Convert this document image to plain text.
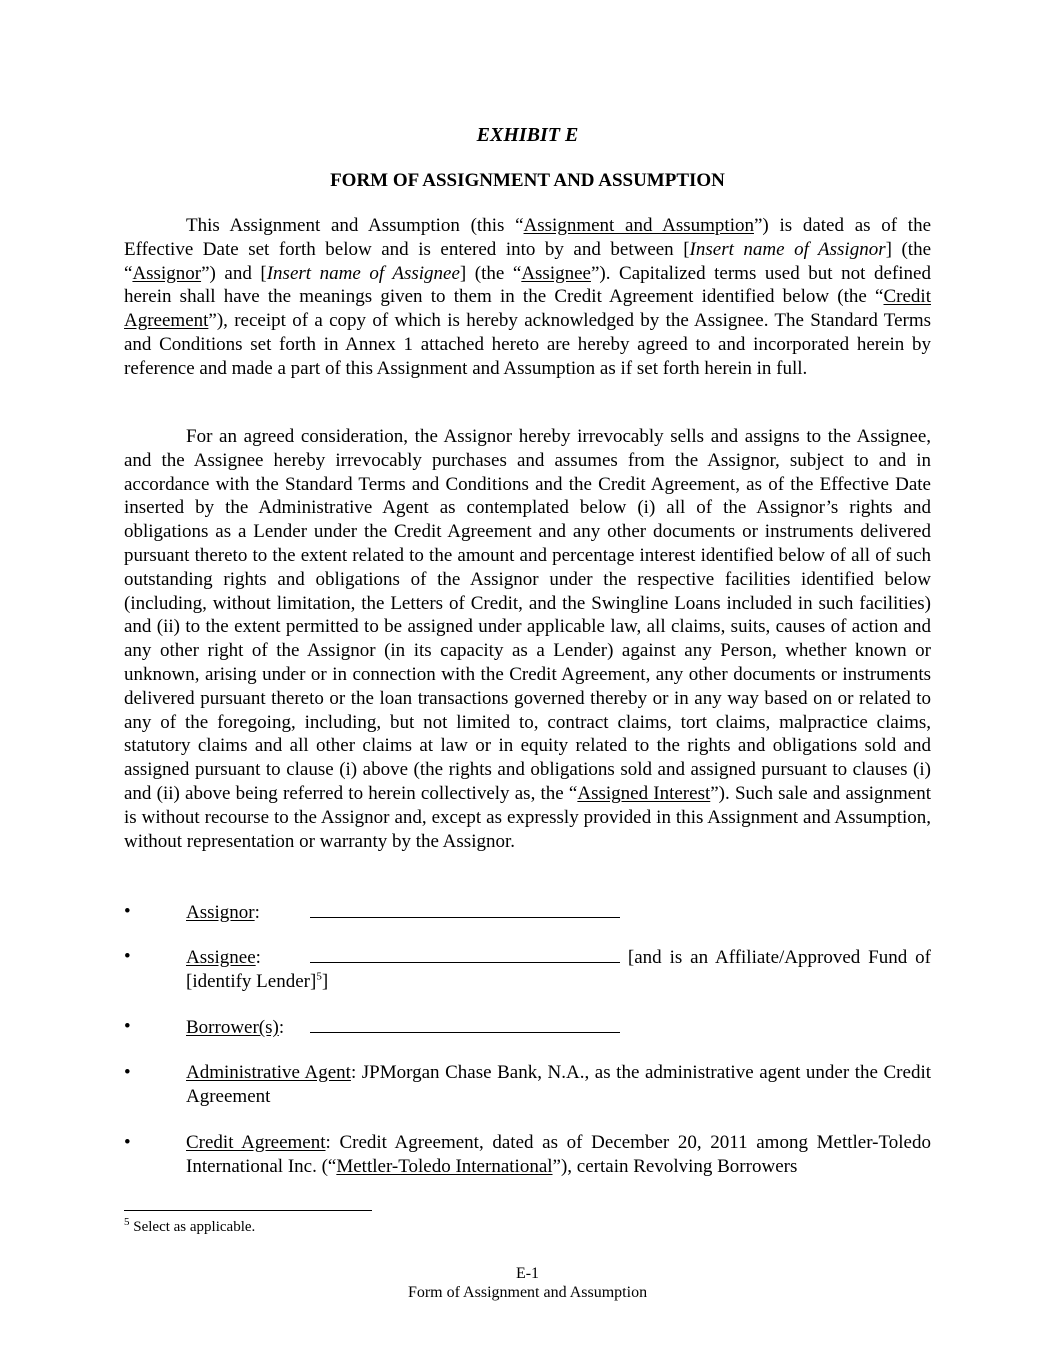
EXHIBIT E
FORM OF ASSIGNMENT AND ASSUMPTION

This Assignment and Assumption (this “Assignment and Assumption”) is dated as of the Effective Date set forth below and is entered into by and between [Insert name of Assignor] (the “Assignor”) and [Insert name of Assignee] (the “Assignee”). Capitalized terms used but not defined herein shall have the meanings given to them in the Credit Agreement identified below (the “Credit Agreement”), receipt of a copy of which is hereby acknowledged by the Assignee. The Standard Terms and Conditions set forth in Annex 1 attached hereto are hereby agreed to and incorporated herein by reference and made a part of this Assignment and Assumption as if set forth herein in full.

For an agreed consideration, the Assignor hereby irrevocably sells and assigns to the Assignee, and the Assignee hereby irrevocably purchases and assumes from the Assignor, subject to and in accordance with the Standard Terms and Conditions and the Credit Agreement, as of the Effective Date inserted by the Administrative Agent as contemplated below (i) all of the Assignor’s rights and obligations as a Lender under the Credit Agreement and any other documents or instruments delivered pursuant thereto to the extent related to the amount and percentage interest identified below of all of such outstanding rights and obligations of the Assignor under the respective facilities identified below (including, without limitation, the Letters of Credit, and the Swingline Loans included in such facilities) and (ii) to the extent permitted to be assigned under applicable law, all claims, suits, causes of action and any other right of the Assignor (in its capacity as a Lender) against any Person, whether known or unknown, arising under or in connection with the Credit Agreement, any other documents or instruments delivered pursuant thereto or the loan transactions governed thereby or in any way based on or related to any of the foregoing, including, but not limited to, contract claims, tort claims, malpractice claims, statutory claims and all other claims at law or in equity related to the rights and obligations sold and assigned pursuant to clause (i) above (the rights and obligations sold and assigned pursuant to clauses (i) and (ii) above being referred to herein collectively as, the “Assigned Interest”). Such sale and assignment is without recourse to the Assignor and, except as expressly provided in this Assignment and Assumption, without representation or warranty by the Assignor.

•	Assignor:
•	Assignee:	[and is an Affiliate/Approved Fund of [identify Lender]$^5$]
•	Borrower(s):
•	Administrative Agent: JPMorgan Chase Bank, N.A., as the administrative agent under the Credit Agreement
•	Credit Agreement: Credit Agreement, dated as of December 20, 2011 among Mettler-Toledo International Inc. (“Mettler-Toledo International”), certain Revolving Borrowers
$^5$ Select as applicable.
E-1
Form of Assignment and Assumption
